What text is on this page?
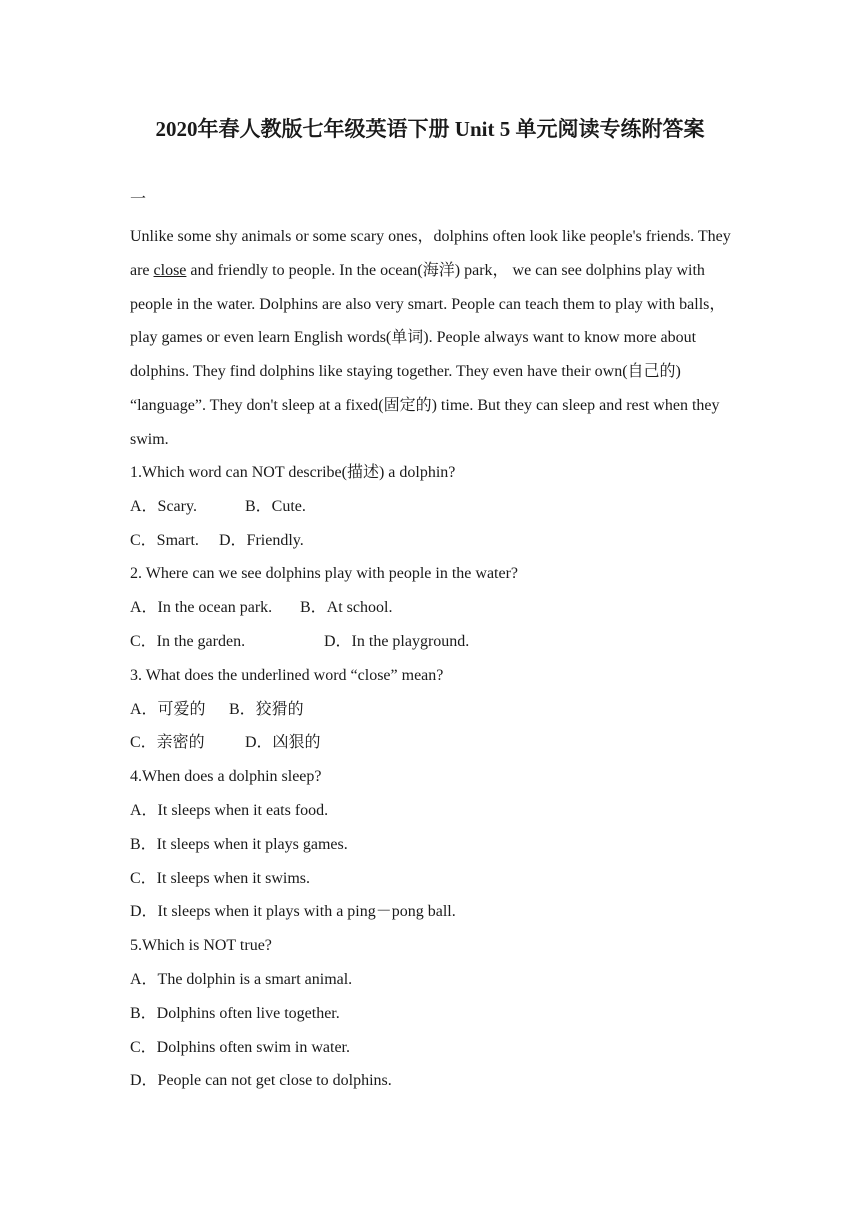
2020年春人教版七年级英语下册 Unit 5 单元阅读专练附答案
一

Unlike some shy animals or some scary ones，dolphins often look like people's friends. They are close and friendly to people. In the ocean(海洋) park， we can see dolphins play with people in the water. Dolphins are also very smart. People can teach them to play with balls，play games or even learn English words(单词). People always want to know more about dolphins. They find dolphins like staying together. They even have their own(自己的) “language”. They don't sleep at a fixed(固定的) time. But they can sleep and rest when they swim.

1.Which word can NOT describe(描述) a dolphin?
A．Scary.	B．Cute.
C．Smart. D．Friendly.
2. Where can we see dolphins play with people in the water?
A．In the ocean park. B．At school.
C．In the garden.	D．In the playground.
3. What does the underlined word “close” mean?
A．可爱的 B．狡猾的
C．亲密的	D．凶狠的
4.When does a dolphin sleep?
A．It sleeps when it eats food.
B．It sleeps when it plays games.
C．It sleeps when it swims.
D．It sleeps when it plays with a ping－pong ball.
5.Which is NOT true?
A．The dolphin is a smart animal.
B．Dolphins often live together.
C．Dolphins often swim in water.
D．People can not get close to dolphins.
